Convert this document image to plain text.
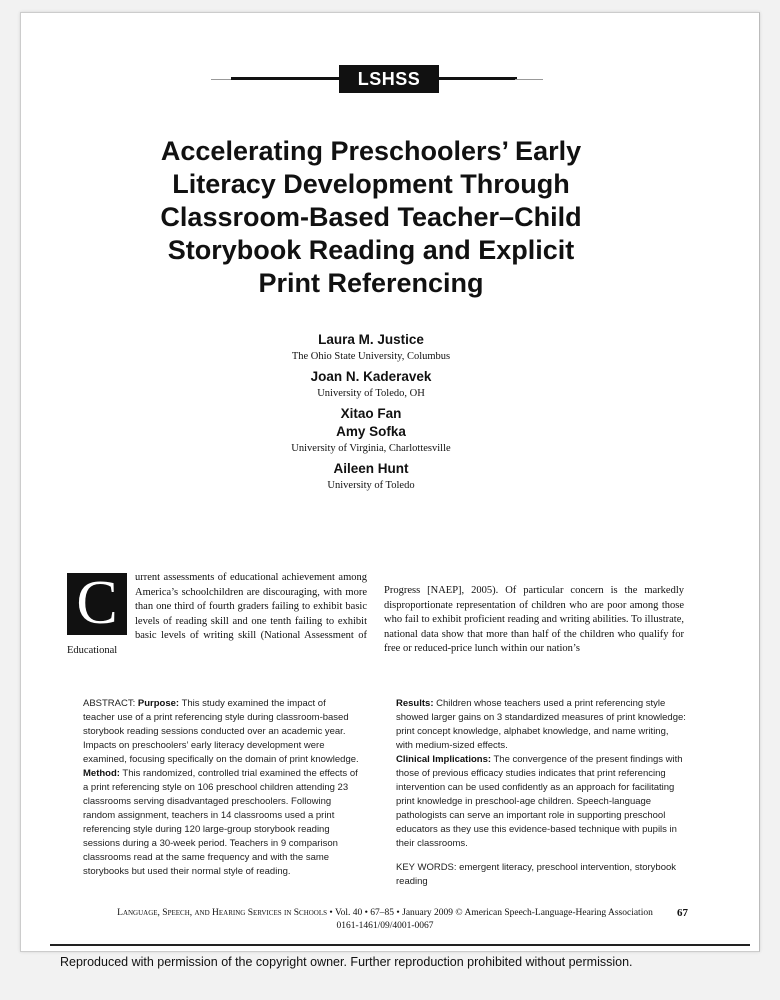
LSHSS
Accelerating Preschoolers’ Early
Literacy Development Through
Classroom-Based Teacher–Child
Storybook Reading and Explicit
Print Referencing
Laura M. Justice
The Ohio State University, Columbus
Joan N. Kaderavek
University of Toledo, OH
Xitao Fan
Amy Sofka
University of Virginia, Charlottesville
Aileen Hunt
University of Toledo
C	urrent assessments of educational achievement among America’s schoolchildren are discouraging, with more than one third of fourth graders failing to exhibit basic levels of reading skill and one tenth failing to exhibit basic levels of writing skill (National Assessment of Educational

Progress [NAEP], 2005). Of particular concern is the markedly disproportionate representation of children who are poor among those who fail to exhibit proficient reading and writing abilities. To illustrate, national data show that more than half of the children who qualify for free or reduced-price lunch within our nation’s

ABSTRACT: Purpose: This study examined the impact of teacher use of a print referencing style during classroom-based storybook reading sessions conducted over an academic year. Impacts on preschoolers’ early literacy development were examined, focusing specifically on the domain of print knowledge.

Method: This randomized, controlled trial examined the effects of a print referencing style on 106 preschool children attending 23 classrooms serving disadvantaged preschoolers. Following random assignment, teachers in 14 classrooms used a print referencing style during 120 large-group storybook reading sessions during a 30-week period. Teachers in 9 comparison classrooms read at the same frequency and with the same storybooks but used their normal style of reading.

Results: Children whose teachers used a print referencing style showed larger gains on 3 standardized measures of print knowledge: print concept knowledge, alphabet knowledge, and name writing, with medium-sized effects.

Clinical Implications: The convergence of the present findings with those of previous efficacy studies indicates that print referencing intervention can be used confidently as an approach for facilitating print knowledge in preschool-age children. Speech-language pathologists can serve an important role in supporting preschool educators as they use this evidence-based technique with pupils in their classrooms.

KEY WORDS: emergent literacy, preschool intervention, storybook reading

Language, Speech, and Hearing Services in Schools • Vol. 40 • 67–85 • January 2009 © American Speech-Language-Hearing Association
0161-1461/09/4001-0067
67
Reproduced with permission of the copyright owner. Further reproduction prohibited without permission.
